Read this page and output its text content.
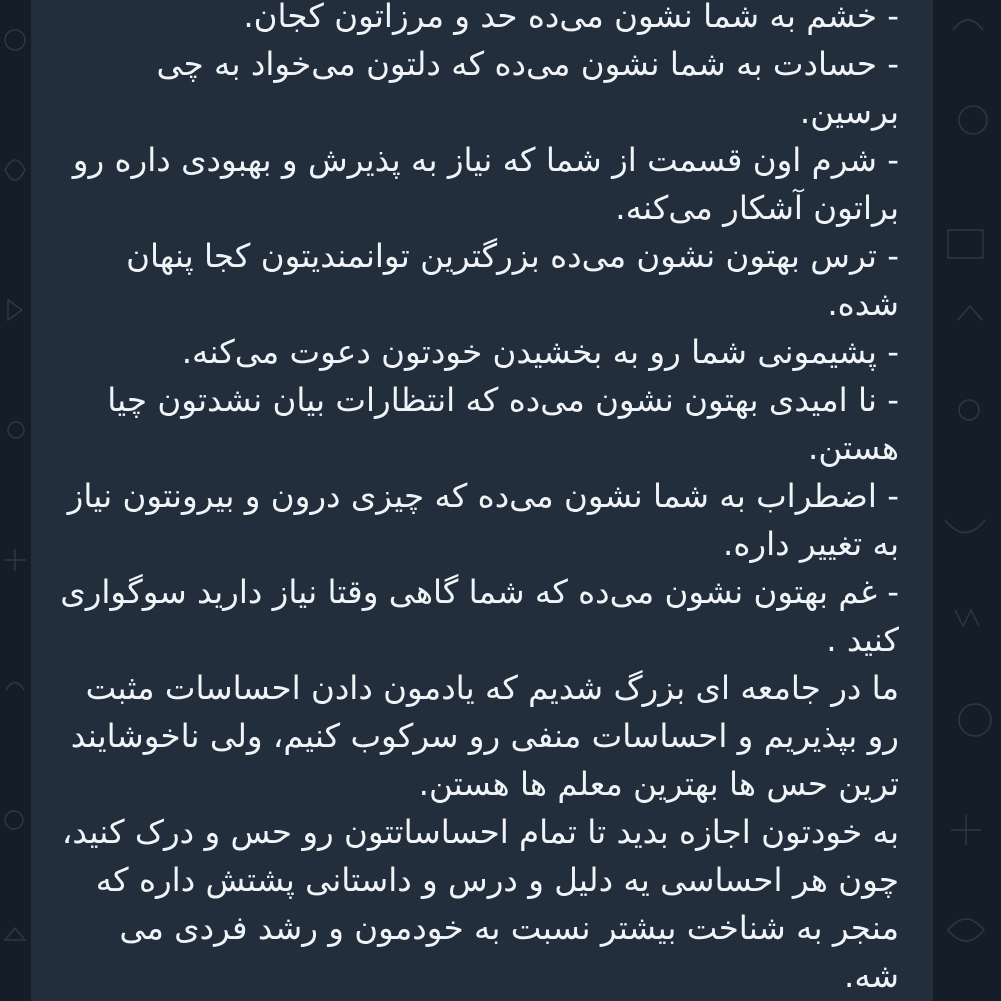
- خشم به شما نشون می‌ده حد و مرزاتون کجان.
- حسادت به شما نشون می‌ده که دلتون می‌خواد به چی برسین.
- شرم اون قسمت از شما که نیاز به پذیرش و بهبودی داره رو براتون آشکار می‌کنه.
- ترس بهتون نشون می‌ده بزرگترین توانمندیتون کجا پنهان شده.
- پشیمونی شما رو به بخشیدن خودتون دعوت می‌کنه.
- نا امیدی بهتون نشون می‌ده که انتظارات بیان نشدتون چیا هستن.
- اضطراب به شما نشون می‌ده که چیزی درون و بیرونتون نیاز به تغییر داره.
- غم بهتون نشون می‌ده که شما گاهی وقتا نیاز دارید سوگواری کنید .
ما در جامعه ای بزرگ شدیم که یادمون دادن احساسات مثبت رو بپذیریم و احساسات منفی رو سرکوب کنیم، ولی ناخوشایند ترین حس ها بهترین معلم ها هستن.
به خودتون اجازه بدید تا تمام احساساتتون رو حس و درک کنید، چون هر احساسی یه دلیل و درس و داستانی پشتش داره که منجر به شناخت بیشتر نسبت به خودمون و رشد فردی می شه.
